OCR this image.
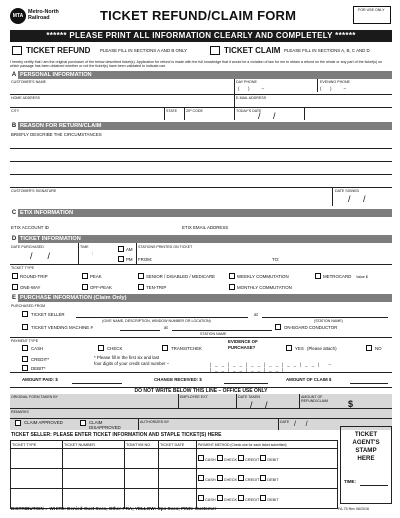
MTA
Metro-North
Railroad	TICKET REFUND/CLAIM FORM	FOR USE ONLY
****** PLEASE PRINT ALL INFORMATION CLEARLY AND COMPLETELY ******
TICKET REFUND PLEASE FILL IN SECTIONS A AND B ONLY	TICKET CLAIM PLEASE FILL IN SECTIONS A, B, C AND D
I hereby certify that I am the original purchaser of the below described ticket(s). Application for refund is made with the full knowledge that it would be a violation of law for me to obtain a refund on the whole or any part of the ticket(s) on which passage has been obtained whether or not the ticket(s) have been validated to indicate use.
A PERSONAL INFORMATION
CUSTOMER'S NAME	DAY PHONE	EVENING PHONE
(       )          –	(       )          –
HOME ADDRESS	E-MAIL ADDRESS
CITY	STATE ZIP CODE	TODAY'S DATE
/     /
B REASON FOR RETURN/CLAIM
BRIEFLY DESCRIBE THE CIRCUMSTANCES
CUSTOMER'S SIGNATURE	DATE SIGNED
/     /
C ETIX INFORMATION
ETIX ACCOUNT ID	ETIX EMAIL ADDRESS
D TICKET INFORMATION
DATE PURCHASED
/      /
TIME
:
AM
PM
STATIONS PRINTED ON TICKET
FROM:	TO:
TICKET TYPE
ROUND-TRIP	PEAK	SENIOR / DISABLED / MEDICARE	WEEKLY COMMUTATION	METROCARD Value $
ONE-WAY	OFF-PEAK	TEN-TRIP	MONTHLY COMMUTATION
E PURCHASE INFORMATION (Claim Only)
PURCHASED FROM
TICKET SELLER
(GIVE NAME, DESCRIPTION, WINDOW NUMBER OR LOCATION)
at
(STATION NAME)
TICKET VENDING MACHINE #	at
STATION NAME
ON-BOARD CONDUCTOR
PAYMENT TYPE
CASH	CHECK	TRANSITCHEK
EVIDENCE OF
PURCHASE?	YES (Please attach)	NO
CREDIT*
DEBIT*
* Please fill in the first six and last
four digits of your credit card number –	|__|__|__|__|__|__| – |__|__|__|__|
AMOUNT PAID: $	CHANGE RECEIVED: $	AMOUNT OF CLAIM $
DO NOT WRITE BELOW THIS LINE – OFFICE USE ONLY
ORIGINAL FORM TAKEN BY	EMPLOYEE EXT.	DATE TAKEN
/     /
AMOUNT OF REFUND/CLAIM	$
REMARKS
CLAIM APPROVED	CLAIM DISAPPROVED
AUTHORIZED BY	DATE /     /
TICKET SELLER: PLEASE ENTER TICKET INFORMATION AND STAPLE TICKET(S) HERE
TICKET TYPE	TICKET NUMBER	TOM/TVM NO.	TICKET DATE	PAYMENT METHOD (Check one for each ticket submitted)
				CASH CHECK CREDIT DEBIT
				CASH CHECK CREDIT DEBIT
				CASH CHECK CREDIT DEBIT
TICKET
AGENT'S
STAMP
HERE
TIME:
DISTRIBUTION→ WHITE: Denied-Cust Svcs, Other-PRA; YELLOW: Ops Svcs; PINK: Customer	FA-75 Rev 06/2016
